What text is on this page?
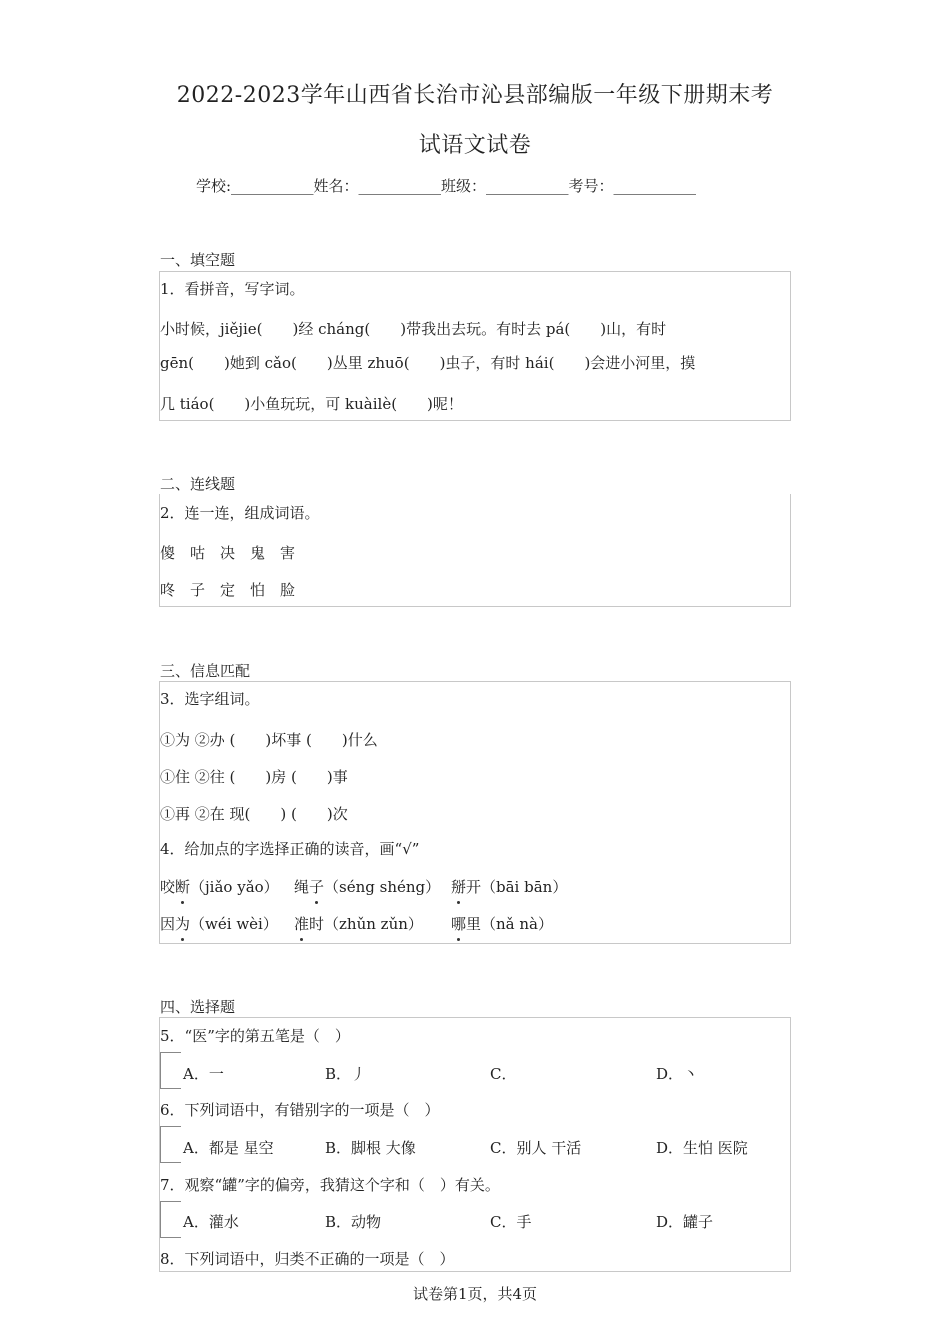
2022-2023学年山西省长治市沁县部编版一年级下册期末考
试语文试卷
学校:___________姓名：___________班级：___________考号：___________
一、填空题
1．看拼音，写字词。
小时候，jiějie(　　)经 cháng(　　)带我出去玩。有时去 pá(　　)山，有时
gēn(　　)她到 cǎo(　　)丛里 zhuō(　　)虫子，有时 hái(　　)会进小河里，摸
几 tiáo(　　)小鱼玩玩，可 kuàilè(　　)呢！
二、连线题
2．连一连，组成词语。
傻　咕　决　鬼　害
咚　子　定　怕　脸
三、信息匹配
3．选字组词。
①为 ②办 (　　)坏事 (　　)什么
①住 ②往 (　　)房 (　　)事
①再 ②在 现(　　) (　　)次
4．给加点的字选择正确的读音，画“√”
咬断（jiǎo yǎo） 绳子（séng shéng） 掰开（bāi bān）
因为（wéi wèi） 准时（zhǔn zǔn） 哪里（nǎ nà）
四、选择题
5．“医”字的第五笔是（　）
A．一	B．丿	C．	D．丶
6．下列词语中，有错别字的一项是（　）
A．都是 星空	B．脚根 大像	C．别人 干活	D．生怕 医院
7．观察“罐”字的偏旁，我猜这个字和（　）有关。
A．灌水	B．动物	C．手	D．罐子
8．下列词语中，归类不正确的一项是（　）
试卷第1页，共4页
